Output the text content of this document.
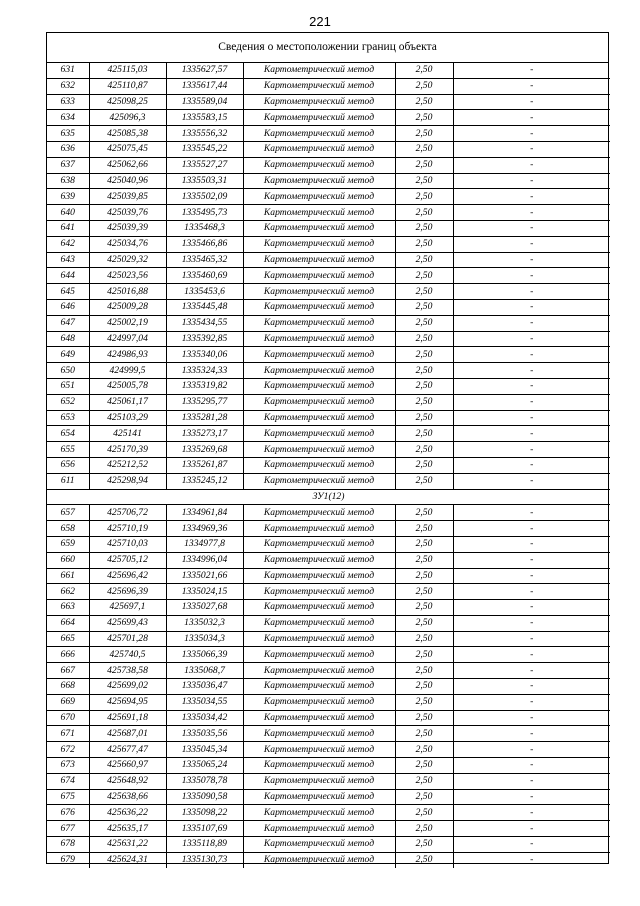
221
Сведения о местоположении границ объекта
631	425115,03	1335627,57	Картометрический метод	2,50	-
632	425110,87	1335617,44	Картометрический метод	2,50	-
633	425098,25	1335589,04	Картометрический метод	2,50	-
634	425096,3	1335583,15	Картометрический метод	2,50	-
635	425085,38	1335556,32	Картометрический метод	2,50	-
636	425075,45	1335545,22	Картометрический метод	2,50	-
637	425062,66	1335527,27	Картометрический метод	2,50	-
638	425040,96	1335503,31	Картометрический метод	2,50	-
639	425039,85	1335502,09	Картометрический метод	2,50	-
640	425039,76	1335495,73	Картометрический метод	2,50	-
641	425039,39	1335468,3	Картометрический метод	2,50	-
642	425034,76	1335466,86	Картометрический метод	2,50	-
643	425029,32	1335465,32	Картометрический метод	2,50	-
644	425023,56	1335460,69	Картометрический метод	2,50	-
645	425016,88	1335453,6	Картометрический метод	2,50	-
646	425009,28	1335445,48	Картометрический метод	2,50	-
647	425002,19	1335434,55	Картометрический метод	2,50	-
648	424997,04	1335392,85	Картометрический метод	2,50	-
649	424986,93	1335340,06	Картометрический метод	2,50	-
650	424999,5	1335324,33	Картометрический метод	2,50	-
651	425005,78	1335319,82	Картометрический метод	2,50	-
652	425061,17	1335295,77	Картометрический метод	2,50	-
653	425103,29	1335281,28	Картометрический метод	2,50	-
654	425141	1335273,17	Картометрический метод	2,50	-
655	425170,39	1335269,68	Картометрический метод	2,50	-
656	425212,52	1335261,87	Картометрический метод	2,50	-
611	425298,94	1335245,12	Картометрический метод	2,50	-
ЗУ1(12)					
657	425706,72	1334961,84	Картометрический метод	2,50	-
658	425710,19	1334969,36	Картометрический метод	2,50	-
659	425710,03	1334977,8	Картометрический метод	2,50	-
660	425705,12	1334996,04	Картометрический метод	2,50	-
661	425696,42	1335021,66	Картометрический метод	2,50	-
662	425696,39	1335024,15	Картометрический метод	2,50	-
663	425697,1	1335027,68	Картометрический метод	2,50	-
664	425699,43	1335032,3	Картометрический метод	2,50	-
665	425701,28	1335034,3	Картометрический метод	2,50	-
666	425740,5	1335066,39	Картометрический метод	2,50	-
667	425738,58	1335068,7	Картометрический метод	2,50	-
668	425699,02	1335036,47	Картометрический метод	2,50	-
669	425694,95	1335034,55	Картометрический метод	2,50	-
670	425691,18	1335034,42	Картометрический метод	2,50	-
671	425687,01	1335035,56	Картометрический метод	2,50	-
672	425677,47	1335045,34	Картометрический метод	2,50	-
673	425660,97	1335065,24	Картометрический метод	2,50	-
674	425648,92	1335078,78	Картометрический метод	2,50	-
675	425638,66	1335090,58	Картометрический метод	2,50	-
676	425636,22	1335098,22	Картометрический метод	2,50	-
677	425635,17	1335107,69	Картометрический метод	2,50	-
678	425631,22	1335118,89	Картометрический метод	2,50	-
679	425624,31	1335130,73	Картометрический метод	2,50	-
